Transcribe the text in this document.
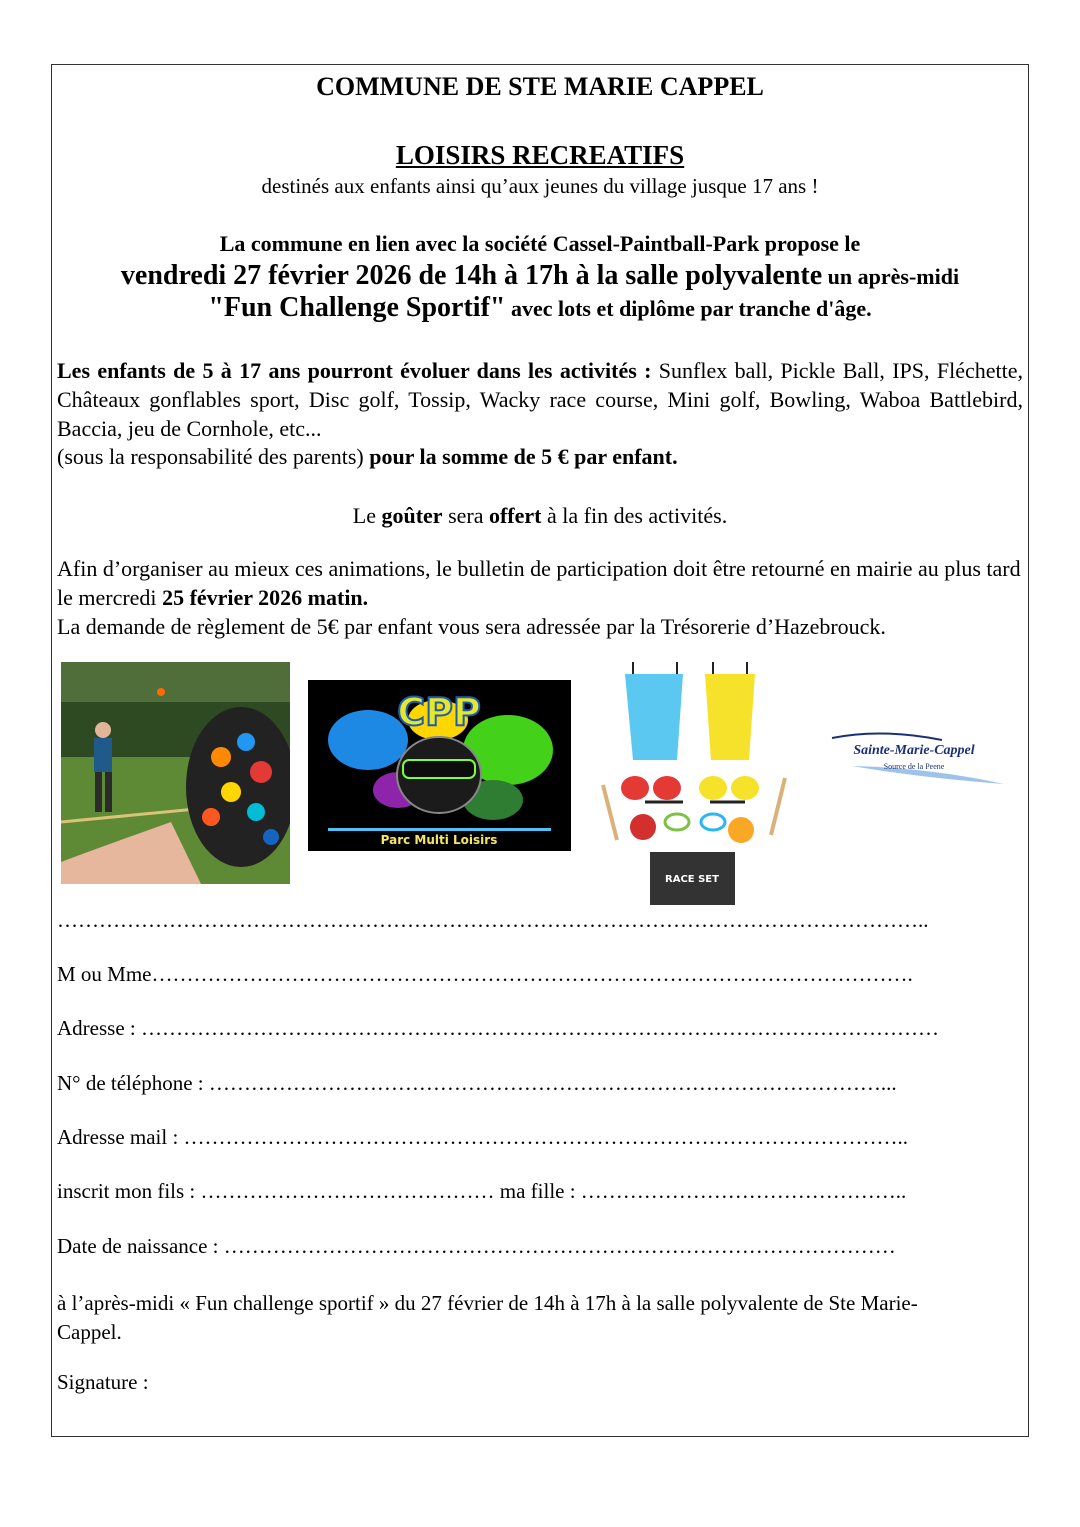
COMMUNE DE STE MARIE CAPPEL

LOISIRS RECREATIFS

destinés aux enfants ainsi qu’aux jeunes du village jusque 17 ans !

La commune en lien avec la société Cassel-Paintball-Park propose le

vendredi 27 février 2026 de 14h à 17h à la salle polyvalente un après-midi

"Fun Challenge Sportif" avec lots et diplôme par tranche d'âge.

Les enfants de 5 à 17 ans pourront évoluer dans les activités : Sunflex ball, Pickle Ball, IPS, Fléchette, Châteaux gonflables sport, Disc golf, Tossip, Wacky race course, Mini golf, Bowling, Waboa Battlebird, Baccia, jeu de Cornhole, etc...

(sous la responsabilité des parents) pour la somme de 5 € par enfant.

Le goûter sera offert à la fin des activités.

Afin d’organiser au mieux ces animations, le bulletin de participation doit être retourné en mairie au plus tard le mercredi 25 février 2026 matin.
La demande de règlement de 5€ par enfant vous sera adressée par la Trésorerie d’Hazebrouck.

CPP
Parc Multi Loisirs
RACE SET
Sainte-Marie-Cappel
Source de la Peene
……………………………………………………………………………………………………………..
M ou Mme……………………………………………………………………………………………….
Adresse : ……………………………………………………………………………………………………
N° de téléphone : ……………………………………………………………………………………...
Adresse mail : …………………………………………………………………………………………..
inscrit mon fils : …………………………………… ma fille : ………………………………………..
Date de naissance : ……………………………………………………………………………………

à l’après-midi « Fun challenge sportif » du 27 février de 14h à 17h à la salle polyvalente de Ste Marie-Cappel.

Signature :
